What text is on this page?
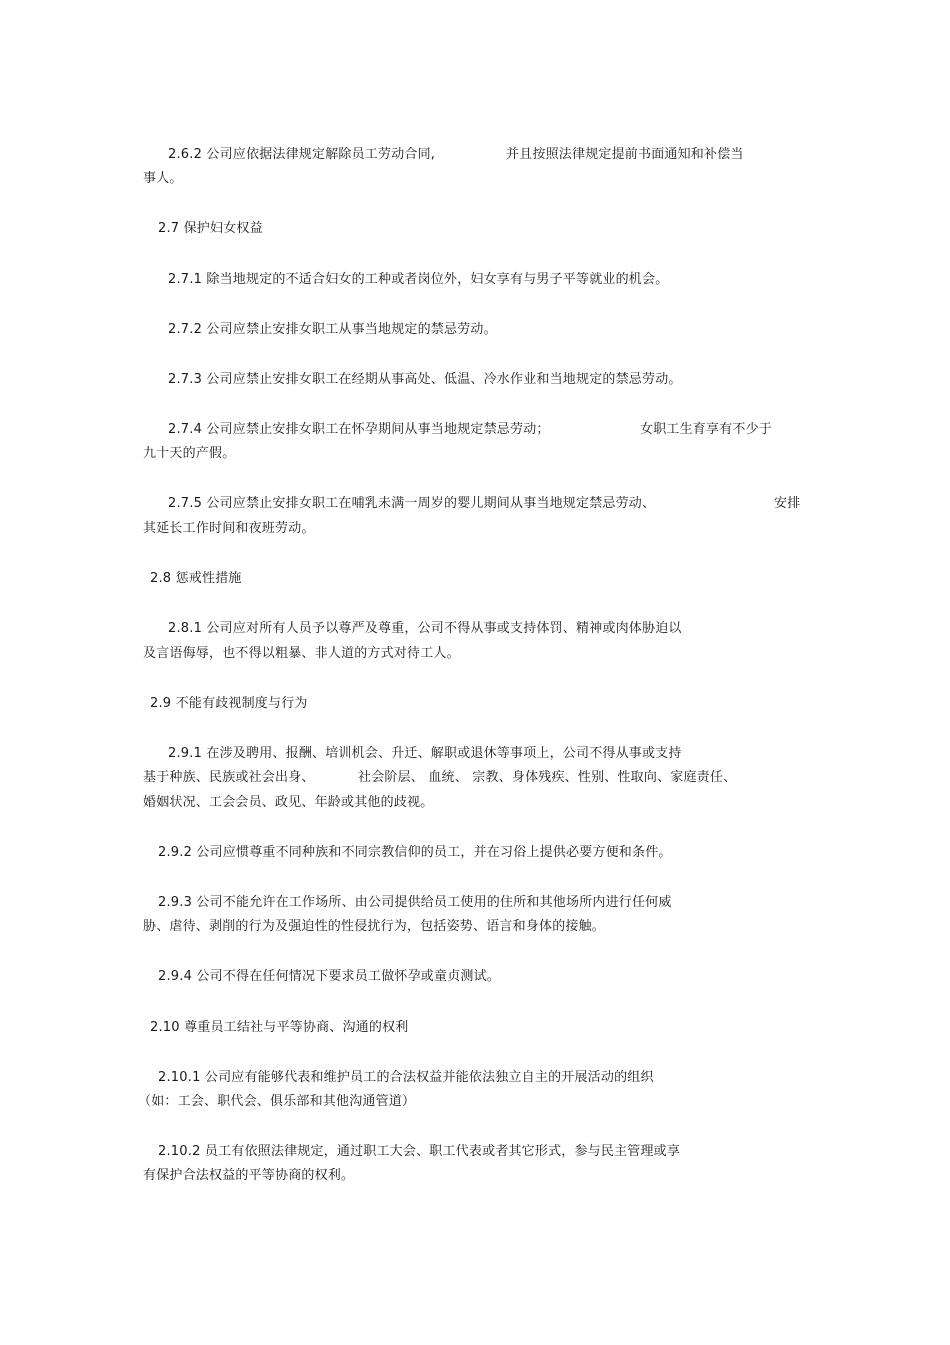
2.6.2 公司应依据法律规定解除员工劳动合同,	并且按照法律规定提前书面通知和补偿当
事人。
2.7 保护妇女权益
2.7.1 除当地规定的不适合妇女的工种或者岗位外，妇女享有与男子平等就业的机会。
2.7.2 公司应禁止安排女职工从事当地规定的禁忌劳动。
2.7.3 公司应禁止安排女职工在经期从事高处、低温、冷水作业和当地规定的禁忌劳动。
2.7.4 公司应禁止安排女职工在怀孕期间从事当地规定禁忌劳动；	女职工生育享有不少于
九十天的产假。
2.7.5 公司应禁止安排女职工在哺乳未满一周岁的婴儿期间从事当地规定禁忌劳动、	安排
其延长工作时间和夜班劳动。
2.8 惩戒性措施
2.8.1 公司应对所有人员予以尊严及尊重，公司不得从事或支持体罚、精神或肉体胁迫以
及言语侮辱，也不得以粗暴、非人道的方式对待工人。
2.9 不能有歧视制度与行为
2.9.1 在涉及聘用、报酬、培训机会、升迁、解职或退休等事项上，公司不得从事或支持
基于种族、民族或社会出身、	社会阶层、 血统、 宗教、身体残疾、性别、性取向、家庭责任、
婚姻状况、工会会员、政见、年龄或其他的歧视。
2.9.2 公司应惯尊重不同种族和不同宗教信仰的员工，并在习俗上提供必要方便和条件。
2.9.3 公司不能允许在工作场所、由公司提供给员工使用的住所和其他场所内进行任何威
胁、虐待、剥削的行为及强迫性的性侵扰行为，包括姿势、语言和身体的接触。
2.9.4 公司不得在任何情况下要求员工做怀孕或童贞测试。
2.10 尊重员工结社与平等协商、沟通的权利
2.10.1 公司应有能够代表和维护员工的合法权益并能依法独立自主的开展活动的组织
（如：工会、职代会、俱乐部和其他沟通管道）
2.10.2 员工有依照法律规定，通过职工大会、职工代表或者其它形式，参与民主管理或享
有保护合法权益的平等协商的权利。
